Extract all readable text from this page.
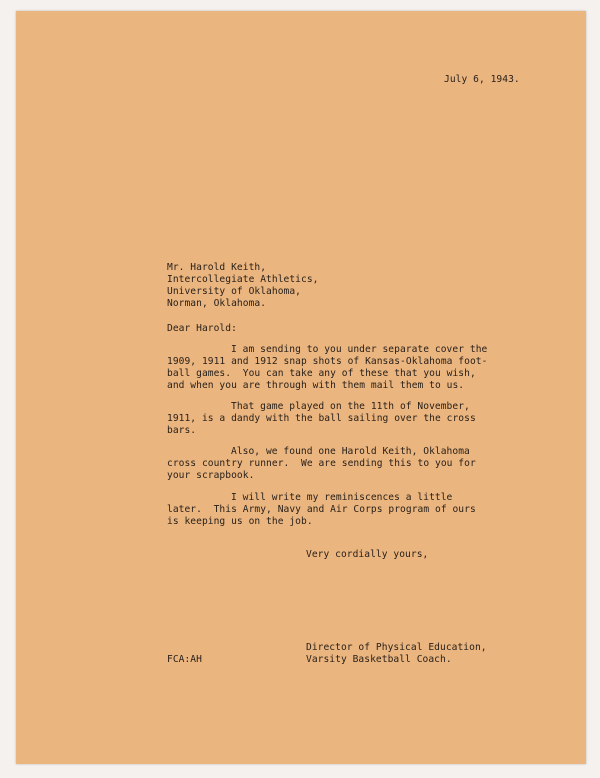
July 6, 1943.
Mr. Harold Keith,
Intercollegiate Athletics,
University of Oklahoma,
Norman, Oklahoma.
Dear Harold:
I am sending to you under separate cover the
1909, 1911 and 1912 snap shots of Kansas-Oklahoma foot-
ball games.  You can take any of these that you wish,
and when you are through with them mail them to us.
That game played on the 11th of November,
1911, is a dandy with the ball sailing over the cross
bars.
Also, we found one Harold Keith, Oklahoma
cross country runner.  We are sending this to you for
your scrapbook.
I will write my reminiscences a little
later.  This Army, Navy and Air Corps program of ours
is keeping us on the job.
Very cordially yours,
FCA:AH
Director of Physical Education,
Varsity Basketball Coach.
